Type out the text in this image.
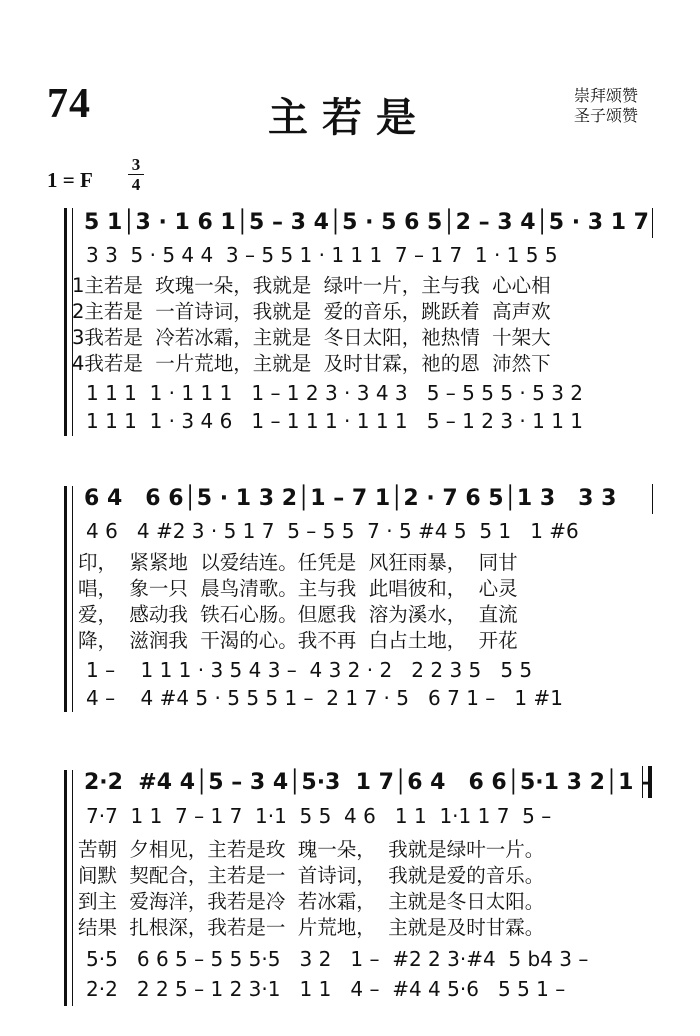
74	主若是	崇拜颂赞
圣子颂赞
1 = F
3
4
5 1│3 · 1 6 1│5 – 3 4│5 · 5 6 5│2 – 3 4│5 · 3 1 7
3 3  5 · 5 4 4  3 – 5 5 1 · 1 1 1  7 – 1 7  1 · 1 5 5
1主若是  玫瑰一朵，我就是  绿叶一片，主与我  心心相
2主若是  一首诗词，我就是  爱的音乐，跳跃着  高声欢
3我若是  冷若冰霜，主就是  冬日太阳，祂热情  十架大
4我若是  一片荒地，主就是  及时甘霖，祂的恩  沛然下
1 1 1  1 · 1 1 1   1 – 1 2 3 · 3 4 3   5 – 5 5 5 · 5 3 2
1 1 1  1 · 3 4 6   1 – 1 1 1 · 1 1 1   5 – 1 2 3 · 1 1 1
6 4   6 6│5 · 1 3 2│1 – 7 1│2 · 7 6 5│1 3   3 3
4 6   4 #2 3 · 5 1 7  5 – 5 5  7 · 5 #4 5  5 1   1 #6
印，  紧紧地  以爱结连。任凭是  风狂雨暴，  同甘
唱，  象一只  晨鸟清歌。主与我  此唱彼和，  心灵
爱，  感动我  铁石心肠。但愿我  溶为溪水，  直流
降，  滋润我  干渴的心。我不再  白占土地，  开花
1 –    1 1 1 · 3 5 4 3 –  4 3 2 · 2   2 2 3 5   5 5
4 –    4 #4 5 · 5 5 5 1 –  2 1 7 · 5   6 7 1 –   1 #1
2·2  #4 4│5 – 3 4│5·3  1 7│6 4   6 6│5·1 3 2│1 –
7·7  1 1  7 – 1 7  1·1  5 5  4 6   1 1  1·1 1 7  5 –
苦朝  夕相见，主若是玫  瑰一朵，  我就是绿叶一片。
间默  契配合，主若是一  首诗词，  我就是爱的音乐。
到主  爱海洋，我若是冷  若冰霜，  主就是冬日太阳。
结果  扎根深，我若是一  片荒地，  主就是及时甘霖。
5·5   6 6 5 – 5 5 5·5   3 2   1 –  #2 2 3·#4  5 b4 3 –
2·2   2 2 5 – 1 2 3·1   1 1   4 –  #4 4 5·6   5 5 1 –
